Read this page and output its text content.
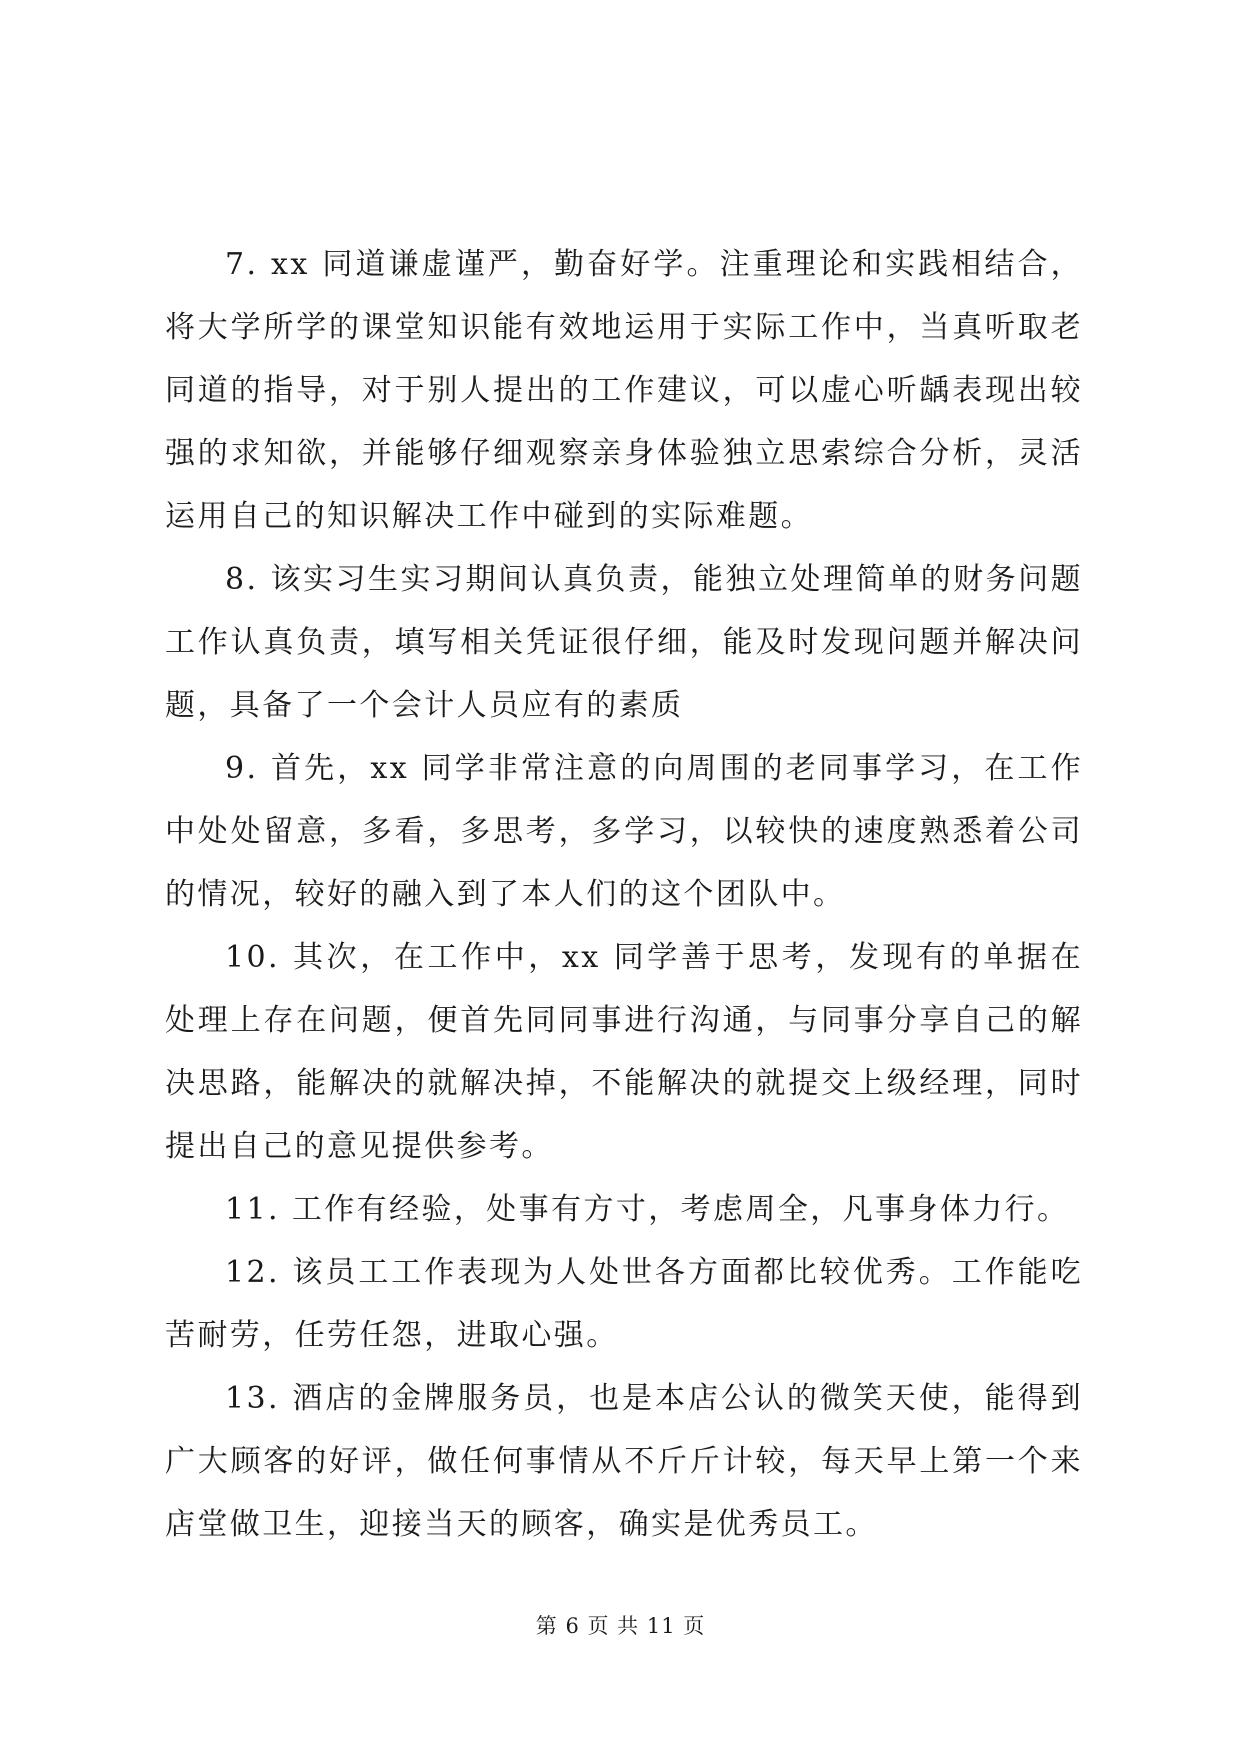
7. xx 同道谦虚谨严，勤奋好学。注重理论和实践相结合，将大学所学的课堂知识能有效地运用于实际工作中，当真听取老同道的指导，对于别人提出的工作建议，可以虚心听龋表现出较强的求知欲，并能够仔细观察亲身体验独立思索综合分析，灵活运用自己的知识解决工作中碰到的实际难题。

8. 该实习生实习期间认真负责，能独立处理简单的财务问题工作认真负责，填写相关凭证很仔细，能及时发现问题并解决问题，具备了一个会计人员应有的素质

9. 首先，xx 同学非常注意的向周围的老同事学习，在工作中处处留意，多看，多思考，多学习，以较快的速度熟悉着公司的情况，较好的融入到了本人们的这个团队中。

10. 其次，在工作中，xx 同学善于思考，发现有的单据在处理上存在问题，便首先同同事进行沟通，与同事分享自己的解决思路，能解决的就解决掉，不能解决的就提交上级经理，同时提出自己的意见提供参考。

11. 工作有经验，处事有方寸，考虑周全，凡事身体力行。

12. 该员工工作表现为人处世各方面都比较优秀。工作能吃苦耐劳，任劳任怨，进取心强。

13. 酒店的金牌服务员，也是本店公认的微笑天使，能得到广大顾客的好评，做任何事情从不斤斤计较，每天早上第一个来店堂做卫生，迎接当天的顾客，确实是优秀员工。

第 6 页 共 11 页
